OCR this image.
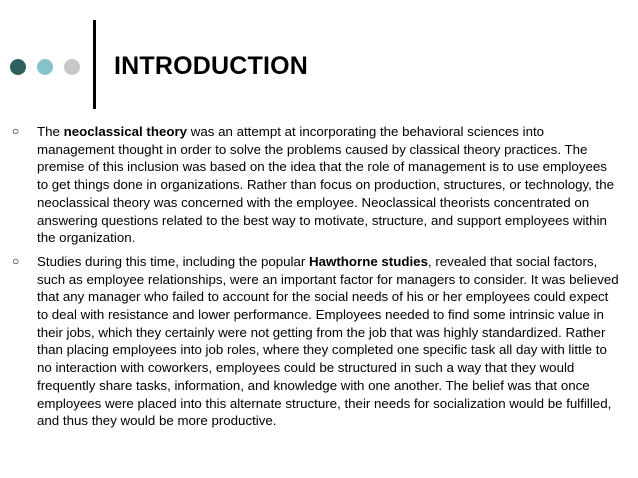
INTRODUCTION
○ The neoclassical theory was an attempt at incorporating the behavioral sciences into management thought in order to solve the problems caused by classical theory practices. The premise of this inclusion was based on the idea that the role of management is to use employees to get things done in organizations. Rather than focus on production, structures, or technology, the neoclassical theory was concerned with the employee. Neoclassical theorists concentrated on answering questions related to the best way to motivate, structure, and support employees within the organization.

○ Studies during this time, including the popular Hawthorne studies, revealed that social factors, such as employee relationships, were an important factor for managers to consider. It was believed that any manager who failed to account for the social needs of his or her employees could expect to deal with resistance and lower performance. Employees needed to find some intrinsic value in their jobs, which they certainly were not getting from the job that was highly standardized. Rather than placing employees into job roles, where they completed one specific task all day with little to no interaction with coworkers, employees could be structured in such a way that they would frequently share tasks, information, and knowledge with one another. The belief was that once employees were placed into this alternate structure, their needs for socialization would be fulfilled, and thus they would be more productive.
